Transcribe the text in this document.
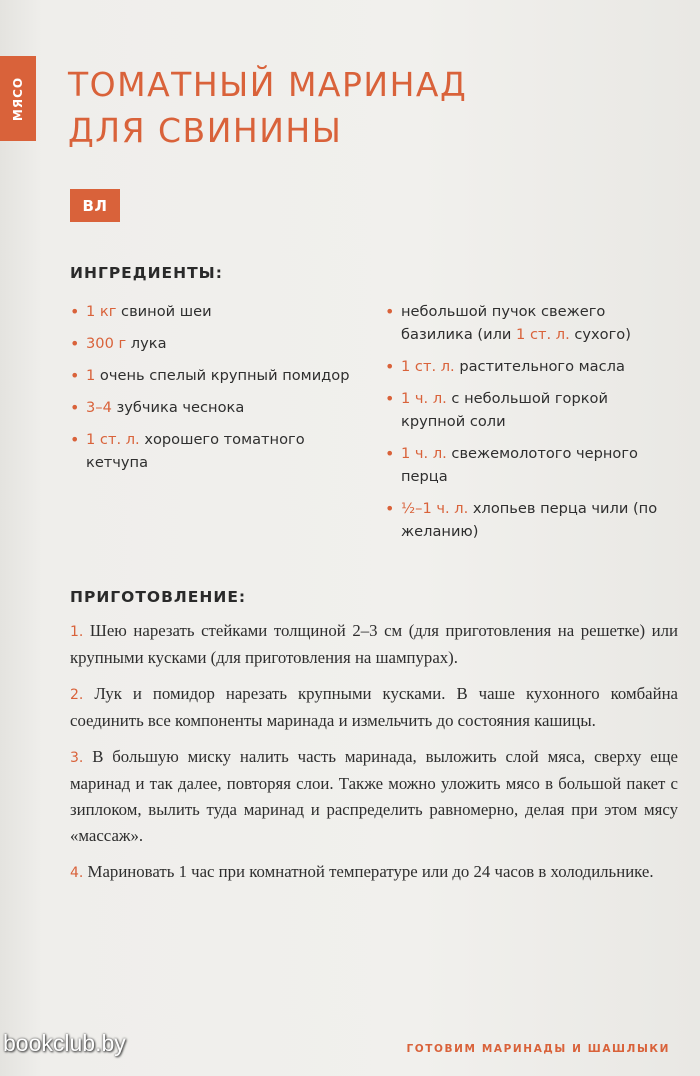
МЯСО ТОМАТНЫЙ МАРИНАД
ДЛЯ СВИНИНЫ
ВЛ
ИНГРЕДИЕНТЫ:
• 1 кг свиной шеи
• 300 г лука
• 1 очень спелый крупный помидор
• 3–4 зубчика чеснока
• 1 ст. л. хорошего томатного кетчупа
• небольшой пучок свежего базилика (или 1 ст. л. сухого)
• 1 ст. л. растительного масла
• 1 ч. л. с небольшой горкой крупной соли
• 1 ч. л. свежемолотого черного перца
• ½–1 ч. л. хлопьев перца чили (по желанию)
ПРИГОТОВЛЕНИЕ:

1. Шею нарезать стейками толщиной 2–3 см (для приготовления на решетке) или крупными кусками (для приготовления на шампурах).

2. Лук и помидор нарезать крупными кусками. В чаше кухонного комбайна соединить все компоненты маринада и измельчить до состояния кашицы.

3. В большую миску налить часть маринада, выложить слой мяса, сверху еще маринад и так далее, повторяя слои. Также можно уложить мясо в большой пакет с зиплоком, вылить туда маринад и распределить равномерно, делая при этом мясу «массаж».

4. Мариновать 1 час при комнатной температуре или до 24 часов в холодильнике.

bookclub.by	ГОТОВИМ МАРИНАДЫ И ШАШЛЫКИ
